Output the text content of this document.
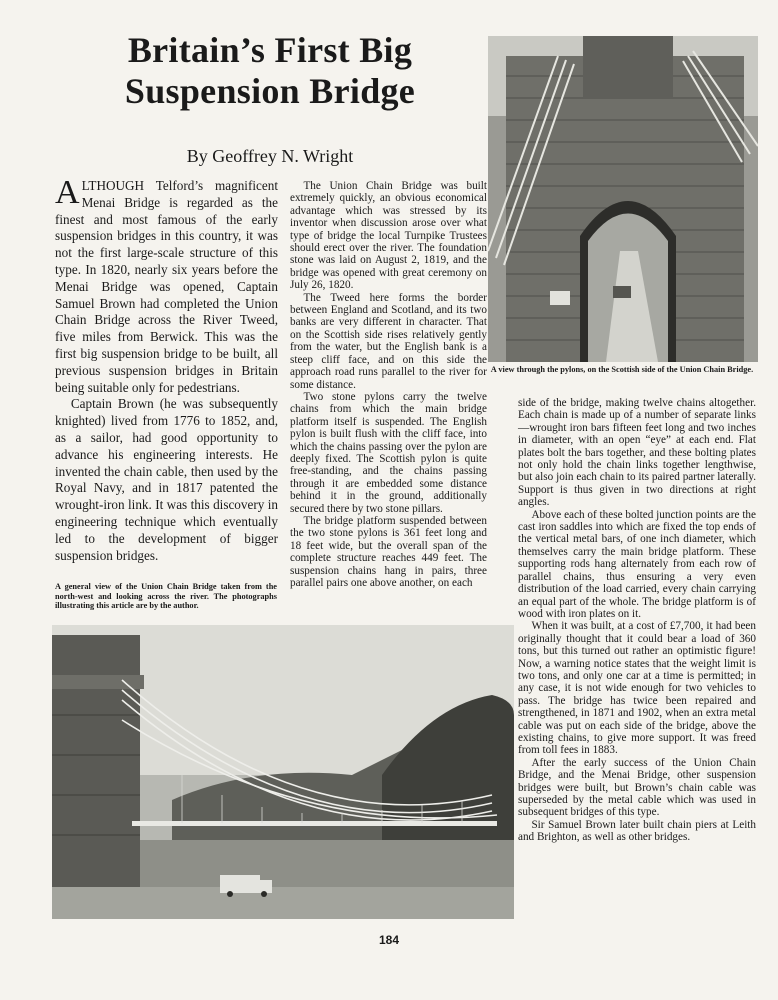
Britain’s First Big
Suspension Bridge
By Geoffrey N. Wright

ALTHOUGH Telford’s magnificent Menai Bridge is regarded as the finest and most famous of the early suspension bridges in this country, it was not the first large-scale structure of this type. In 1820, nearly six years before the Menai Bridge was opened, Captain Samuel Brown had completed the Union Chain Bridge across the River Tweed, five miles from Berwick. This was the first big suspension bridge to be built, all previous suspension bridges in Britain being suitable only for pedestrians.

Captain Brown (he was subsequently knighted) lived from 1776 to 1852, and, as a sailor, had good opportunity to advance his engineering interests. He invented the chain cable, then used by the Royal Navy, and in 1817 patented the wrought-iron link. It was this discovery in engineering technique which eventually led to the development of bigger suspension bridges.

A general view of the Union Chain Bridge taken from the north-west and looking across the river. The photographs illustrating this article are by the author.

The Union Chain Bridge was built extremely quickly, an obvious economical advantage which was stressed by its inventor when discussion arose over what type of bridge the local Turnpike Trustees should erect over the river. The foundation stone was laid on August 2, 1819, and the bridge was opened with great ceremony on July 26, 1820.

The Tweed here forms the border between England and Scotland, and its two banks are very different in character. That on the Scottish side rises relatively gently from the water, but the English bank is a steep cliff face, and on this side the approach road runs parallel to the river for some distance.

Two stone pylons carry the twelve chains from which the main bridge platform itself is suspended. The English pylon is built flush with the cliff face, into which the chains passing over the pylon are deeply fixed. The Scottish pylon is quite free-standing, and the chains passing through it are embedded some distance behind it in the ground, additionally secured there by two stone pillars.

The bridge platform suspended between the two stone pylons is 361 feet long and 18 feet wide, but the overall span of the complete structure reaches 449 feet. The suspension chains hang in pairs, three parallel pairs one above another, on each

side of the bridge, making twelve chains altogether. Each chain is made up of a number of separate links—wrought iron bars fifteen feet long and two inches in diameter, with an open “eye” at each end. Flat plates bolt the bars together, and these bolting plates not only hold the chain links together lengthwise, but also join each chain to its paired partner laterally. Support is thus given in two directions at right angles.

Above each of these bolted junction points are the cast iron saddles into which are fixed the top ends of the vertical metal bars, of one inch diameter, which themselves carry the main bridge platform. These supporting rods hang alternately from each row of parallel chains, thus ensuring a very even distribution of the load carried, every chain carrying an equal part of the whole. The bridge platform is of wood with iron plates on it.

When it was built, at a cost of £7,700, it had been originally thought that it could bear a load of 360 tons, but this turned out rather an optimistic figure! Now, a warning notice states that the weight limit is two tons, and only one car at a time is permitted; in any case, it is not wide enough for two vehicles to pass. The bridge has twice been repaired and strengthened, in 1871 and 1902, when an extra metal cable was put on each side of the bridge, above the existing chains, to give more support. It was freed from toll fees in 1883.

After the early success of the Union Chain Bridge, and the Menai Bridge, other suspension bridges were built, but Brown’s chain cable was superseded by the metal cable which was used in subsequent bridges of this type.

Sir Samuel Brown later built chain piers at Leith and Brighton, as well as other bridges.

A view through the pylons, on the Scottish side of the Union Chain Bridge.
184
